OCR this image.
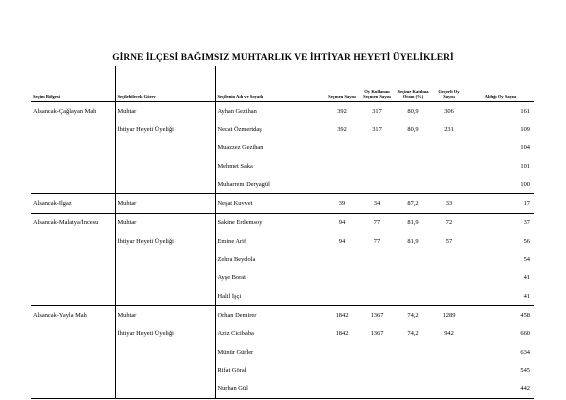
GİRNE İLÇESİ BAĞIMSIZ MUHTARLIK VE İHTİYAR HEYETİ ÜYELİKLERİ
Seçim Bölgesi	Seçilebilecek Görev	Seçilenin Adı ve Soyadı	Seçmen Sayısı	Oy Kullanan Seçmen Sayısı	Seçime Katılma Oranı (%)	Geçerli Oy Sayısı	Aldığı Oy Sayısı
Alsancak-Çağlayan Mah	Muhtar	Ayhan Gezihan	392	317	80,9	306	161
	İhtiyar Heyeti Üyeliği	Necat Özmertdaş	392	317	80,9	231	109
		Muazzez Gezihan					104
		Mehmet Saka					101
		Muharrem Deryagül					100
Alsancak-Ilgaz	Muhtar	Neşat Kuvvet	39	34	87,2	33	17
Alsancak-Malatya/İncesu	Muhtar	Sakine Erdemsoy	94	77	81,9	72	37
	İhtiyar Heyeti Üyeliği	Emine Arif	94	77	81,9	57	56
		Zehra Beydola					54
		Ayşe Borat					41
		Halil İşçi					41
Alsancak-Yayla Mah	Muhtar	Orhan Demirer	1842	1367	74,2	1289	458
	İhtiyar Heyeti Üyeliği	Aziz Cicibaba	1842	1367	74,2	942	660
		Münür Gürler					634
		Rifat Göral					545
		Nurhan Gül					442
